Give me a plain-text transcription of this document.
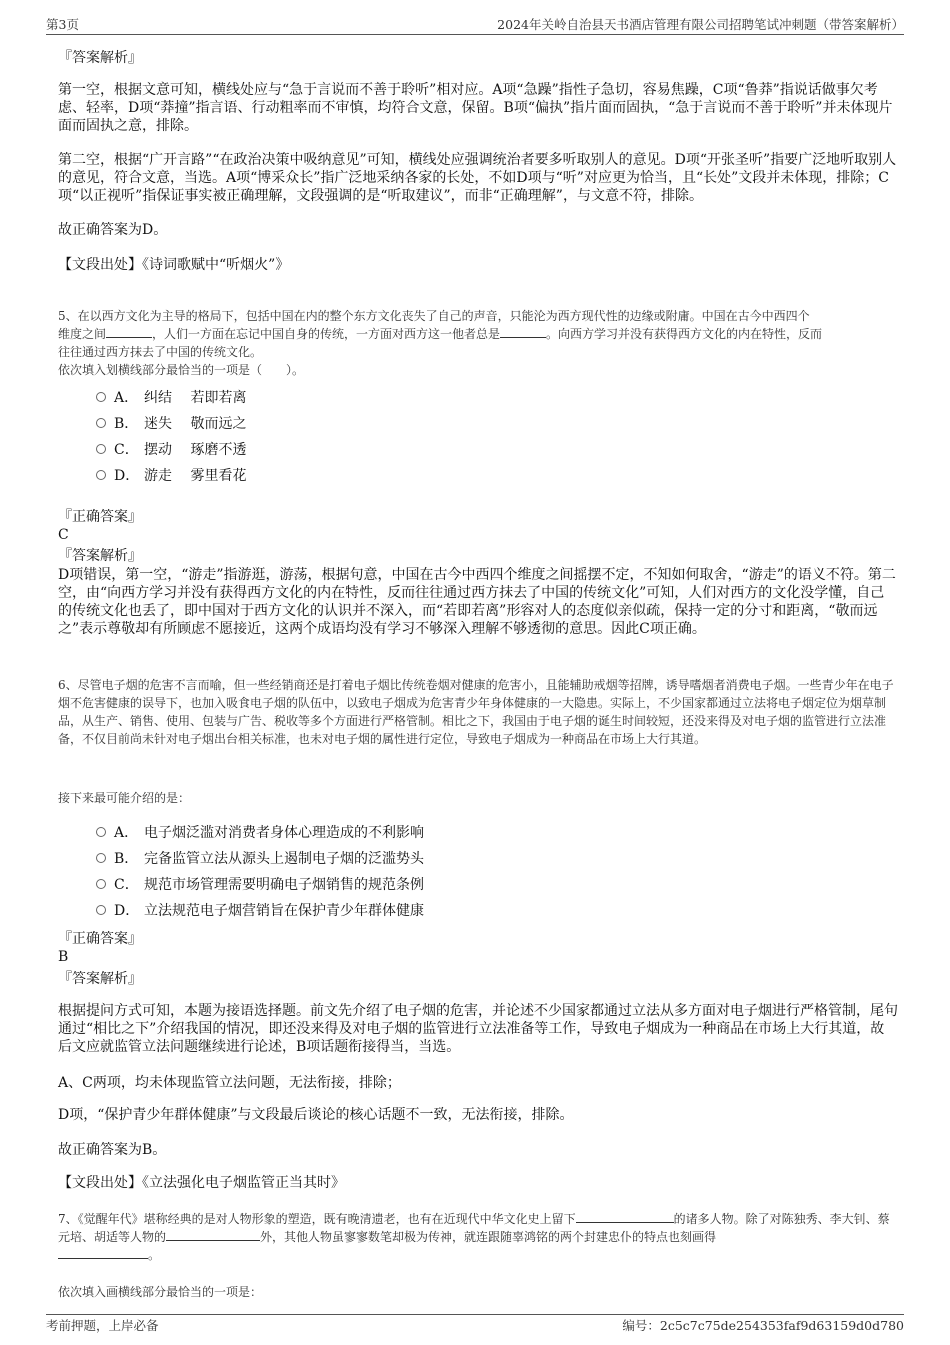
第3页	2024年关岭自治县天书酒店管理有限公司招聘笔试冲刺题（带答案解析）

『答案解析』

第一空，根据文意可知，横线处应与“急于言说而不善于聆听”相对应。A项“急躁”指性子急切，容易焦躁，C项“鲁莽”指说话做事欠考虑、轻率，D项“莽撞”指言语、行动粗率而不审慎，均符合文意，保留。B项“偏执”指片面而固执，“急于言说而不善于聆听”并未体现片面而固执之意，排除。

第二空，根据“广开言路”“在政治决策中吸纳意见”可知，横线处应强调统治者要多听取别人的意见。D项“开张圣听”指要广泛地听取别人的意见，符合文意，当选。A项“博采众长”指广泛地采纳各家的长处，不如D项与“听”对应更为恰当，且“长处”文段并未体现，排除；C项“以正视听”指保证事实被正确理解，文段强调的是“听取建议”，而非“正确理解”，与文意不符，排除。

故正确答案为D。

【文段出处】《诗词歌赋中“听烟火”》

5、在以西方文化为主导的格局下，包括中国在内的整个东方文化丧失了自己的声音，只能沦为西方现代性的边缘或附庸。中国在古今中西四个
维度之间	，人们一方面在忘记中国自身的传统，一方面对西方这一他者总是	。向西方学习并没有获得西方文化的内在特性，反而
往往通过西方抹去了中国的传统文化。
依次填入划横线部分最恰当的一项是（　　）。
A． 纠结　 若即若离
B． 迷失　 敬而远之
C． 摆动　 琢磨不透
D． 游走　 雾里看花

『正确答案』

C

『答案解析』

D项错误，第一空，“游走”指游逛，游荡，根据句意，中国在古今中西四个维度之间摇摆不定，不知如何取舍，“游走”的语义不符。第二空，由“向西方学习并没有获得西方文化的内在特性，反而往往通过西方抹去了中国的传统文化”可知，人们对西方的文化没学懂，自己的传统文化也丢了，即中国对于西方文化的认识并不深入，而“若即若离”形容对人的态度似亲似疏，保持一定的分寸和距离，“敬而远之”表示尊敬却有所顾虑不愿接近，这两个成语均没有学习不够深入理解不够透彻的意思。因此C项正确。

6、尽管电子烟的危害不言而喻，但一些经销商还是打着电子烟比传统卷烟对健康的危害小，且能辅助戒烟等招牌，诱导嗜烟者消费电子烟。一些青少年在电子烟不危害健康的误导下，也加入吸食电子烟的队伍中，以致电子烟成为危害青少年身体健康的一大隐患。实际上，不少国家都通过立法将电子烟定位为烟草制品，从生产、销售、使用、包装与广告、税收等多个方面进行严格管制。相比之下，我国由于电子烟的诞生时间较短，还没来得及对电子烟的监管进行立法准备，不仅目前尚未针对电子烟出台相关标准，也未对电子烟的属性进行定位，导致电子烟成为一种商品在市场上大行其道。

接下来最可能介绍的是：

A． 电子烟泛滥对消费者身体心理造成的不利影响
B． 完备监管立法从源头上遏制电子烟的泛滥势头
C． 规范市场管理需要明确电子烟销售的规范条例
D． 立法规范电子烟营销旨在保护青少年群体健康

『正确答案』

B

『答案解析』

根据提问方式可知，本题为接语选择题。前文先介绍了电子烟的危害，并论述不少国家都通过立法从多方面对电子烟进行严格管制，尾句通过“相比之下”介绍我国的情况，即还没来得及对电子烟的监管进行立法准备等工作，导致电子烟成为一种商品在市场上大行其道，故后文应就监管立法问题继续进行论述，B项话题衔接得当，当选。

A、C两项，均未体现监管立法问题，无法衔接，排除；

D项，“保护青少年群体健康”与文段最后谈论的核心话题不一致，无法衔接，排除。

故正确答案为B。

【文段出处】《立法强化电子烟监管正当其时》

7、《觉醒年代》堪称经典的是对人物形象的塑造，既有晚清遗老，也有在近现代中华文化史上留下	的诸多人物。除了对陈独秀、李大钊、蔡元培、胡适等人物的	外，其他人物虽寥寥数笔却极为传神，就连跟随辜鸿铭的两个封建忠仆的特点也刻画得
。

依次填入画横线部分最恰当的一项是：

考前押题，上岸必备	编号：2c5c7c75de254353faf9d63159d0d780
